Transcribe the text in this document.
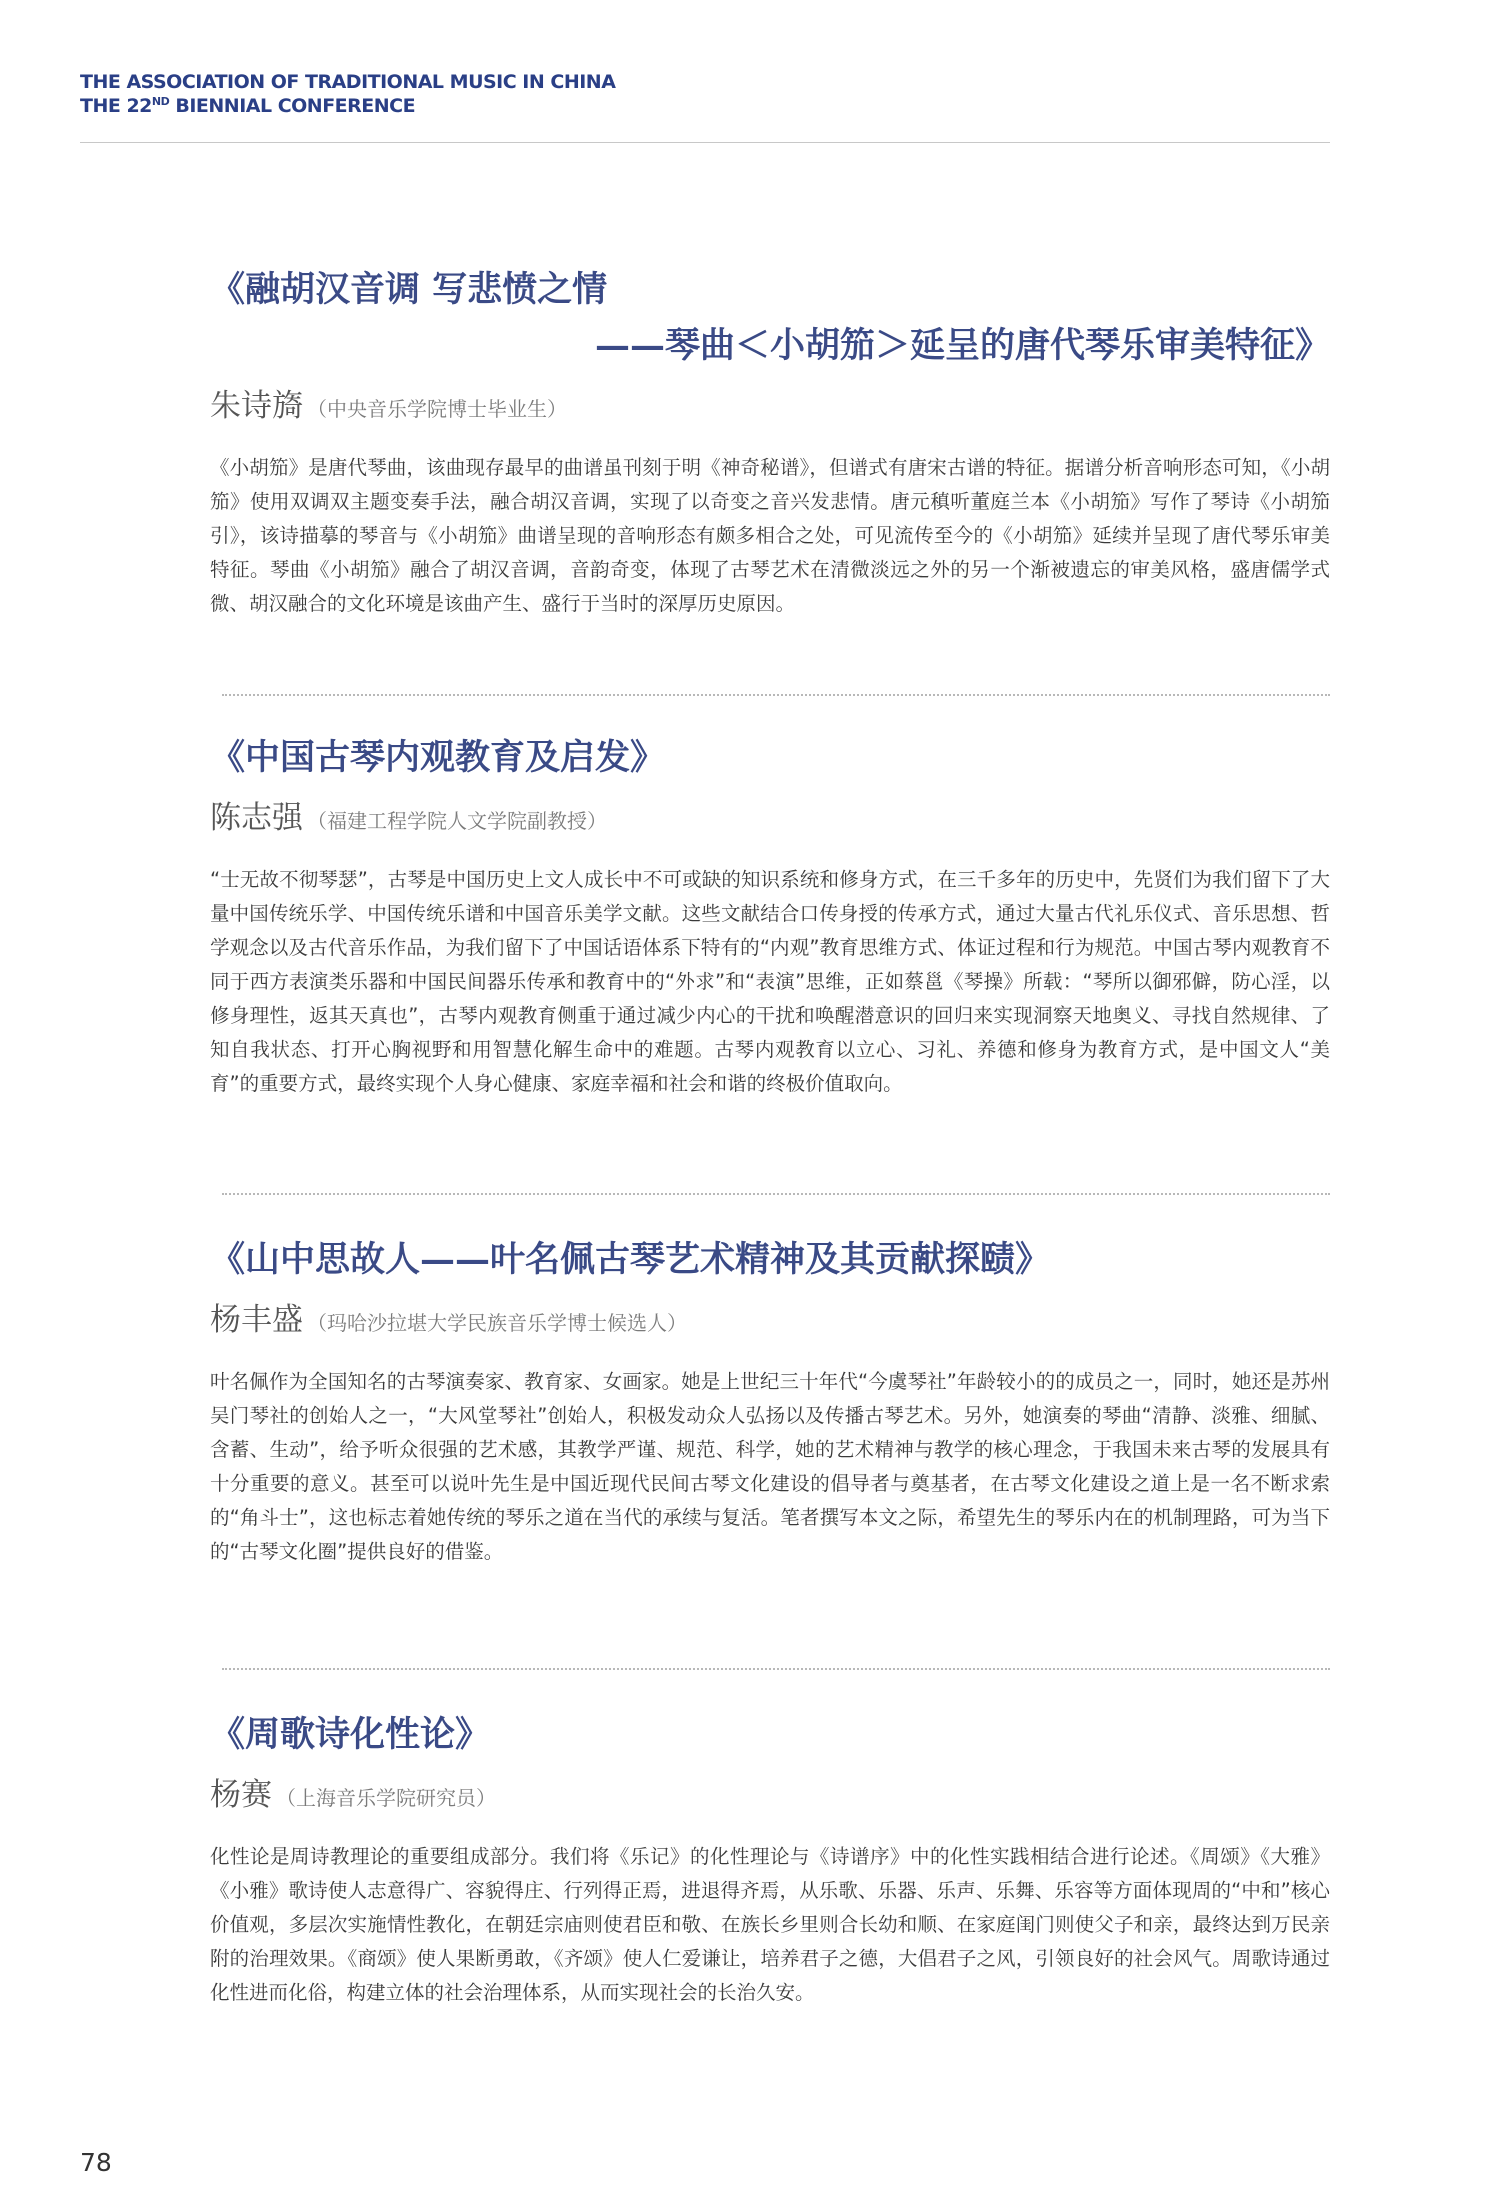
THE ASSOCIATION OF TRADITIONAL MUSIC IN CHINA
THE 22ND BIENNIAL CONFERENCE
《融胡汉音调 写悲愤之情
——琴曲＜小胡笳＞延呈的唐代琴乐审美特征》
朱诗旖 （中央音乐学院博士毕业生）
《小胡笳》是唐代琴曲，该曲现存最早的曲谱虽刊刻于明《神奇秘谱》，但谱式有唐宋古谱的特征。据谱分析音响形态可知，《小胡笳》使用双调双主题变奏手法，融合胡汉音调，实现了以奇变之音兴发悲情。唐元稹听董庭兰本《小胡笳》写作了琴诗《小胡笳引》，该诗描摹的琴音与《小胡笳》曲谱呈现的音响形态有颇多相合之处，可见流传至今的《小胡笳》延续并呈现了唐代琴乐审美特征。琴曲《小胡笳》融合了胡汉音调，音韵奇变，体现了古琴艺术在清微淡远之外的另一个渐被遗忘的审美风格，盛唐儒学式微、胡汉融合的文化环境是该曲产生、盛行于当时的深厚历史原因。
《中国古琴内观教育及启发》
陈志强 （福建工程学院人文学院副教授）
“士无故不彻琴瑟”，古琴是中国历史上文人成长中不可或缺的知识系统和修身方式，在三千多年的历史中，先贤们为我们留下了大量中国传统乐学、中国传统乐谱和中国音乐美学文献。这些文献结合口传身授的传承方式，通过大量古代礼乐仪式、音乐思想、哲学观念以及古代音乐作品，为我们留下了中国话语体系下特有的“内观”教育思维方式、体证过程和行为规范。中国古琴内观教育不同于西方表演类乐器和中国民间器乐传承和教育中的“外求”和“表演”思维，正如蔡邕《琴操》所载：“琴所以御邪僻，防心淫，以修身理性，返其天真也”，古琴内观教育侧重于通过减少内心的干扰和唤醒潜意识的回归来实现洞察天地奥义、寻找自然规律、了知自我状态、打开心胸视野和用智慧化解生命中的难题。古琴内观教育以立心、习礼、养德和修身为教育方式，是中国文人“美育”的重要方式，最终实现个人身心健康、家庭幸福和社会和谐的终极价值取向。
《山中思故人——叶名佩古琴艺术精神及其贡献探赜》
杨丰盛 （玛哈沙拉堪大学民族音乐学博士候选人）
叶名佩作为全国知名的古琴演奏家、教育家、女画家。她是上世纪三十年代“今虞琴社”年龄较小的的成员之一，同时，她还是苏州吴门琴社的创始人之一，“大风堂琴社”创始人，积极发动众人弘扬以及传播古琴艺术。另外，她演奏的琴曲“清静、淡雅、细腻、含蓄、生动”，给予听众很强的艺术感，其教学严谨、规范、科学，她的艺术精神与教学的核心理念，于我国未来古琴的发展具有十分重要的意义。甚至可以说叶先生是中国近现代民间古琴文化建设的倡导者与奠基者，在古琴文化建设之道上是一名不断求索的“角斗士”，这也标志着她传统的琴乐之道在当代的承续与复活。笔者撰写本文之际，希望先生的琴乐内在的机制理路，可为当下的“古琴文化圈”提供良好的借鉴。
《周歌诗化性论》
杨赛 （上海音乐学院研究员）
化性论是周诗教理论的重要组成部分。我们将《乐记》的化性理论与《诗谱序》中的化性实践相结合进行论述。《周颂》《大雅》《小雅》歌诗使人志意得广、容貌得庄、行列得正焉，进退得齐焉，从乐歌、乐器、乐声、乐舞、乐容等方面体现周的“中和”核心价值观，多层次实施情性教化，在朝廷宗庙则使君臣和敬、在族长乡里则合长幼和顺、在家庭闺门则使父子和亲，最终达到万民亲附的治理效果。《商颂》使人果断勇敢，《齐颂》使人仁爱谦让，培养君子之德，大倡君子之风，引领良好的社会风气。周歌诗通过化性进而化俗，构建立体的社会治理体系，从而实现社会的长治久安。
78
